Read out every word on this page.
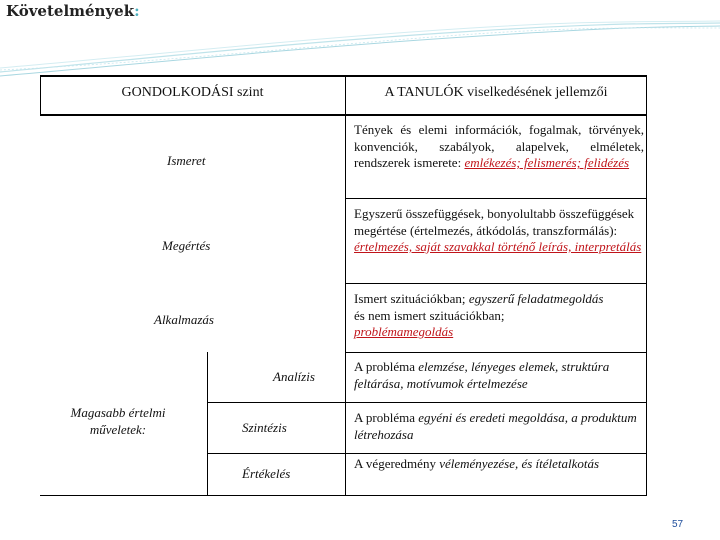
Követelmények:
GONDOLKODÁSI szint	A TANULÓK viselkedésének jellemzői
Ismeret
Tények és elemi információk, fogalmak, törvények, konvenciók, szabályok, alapelvek, elméletek, rendszerek ismerete: emlékezés; felismerés; felidézés
Megértés
Egyszerű összefüggések, bonyolultabb összefüggések megértése (értelmezés, átkódolás, transzformálás): értelmezés, saját szavakkal történő leírás, interpretálás
Alkalmazás
Ismert szituációkban; egyszerű feladatmegoldás és nem ismert szituációkban; problémamegoldás
Magasabb értelmi műveletek:
Analízis
A probléma elemzése, lényeges elemek, struktúra feltárása, motívumok értelmezése
Szintézis
A probléma egyéni és eredeti megoldása, a produktum létrehozása
Értékelés
A végeredmény véleményezése, és ítéletalkotás
57
